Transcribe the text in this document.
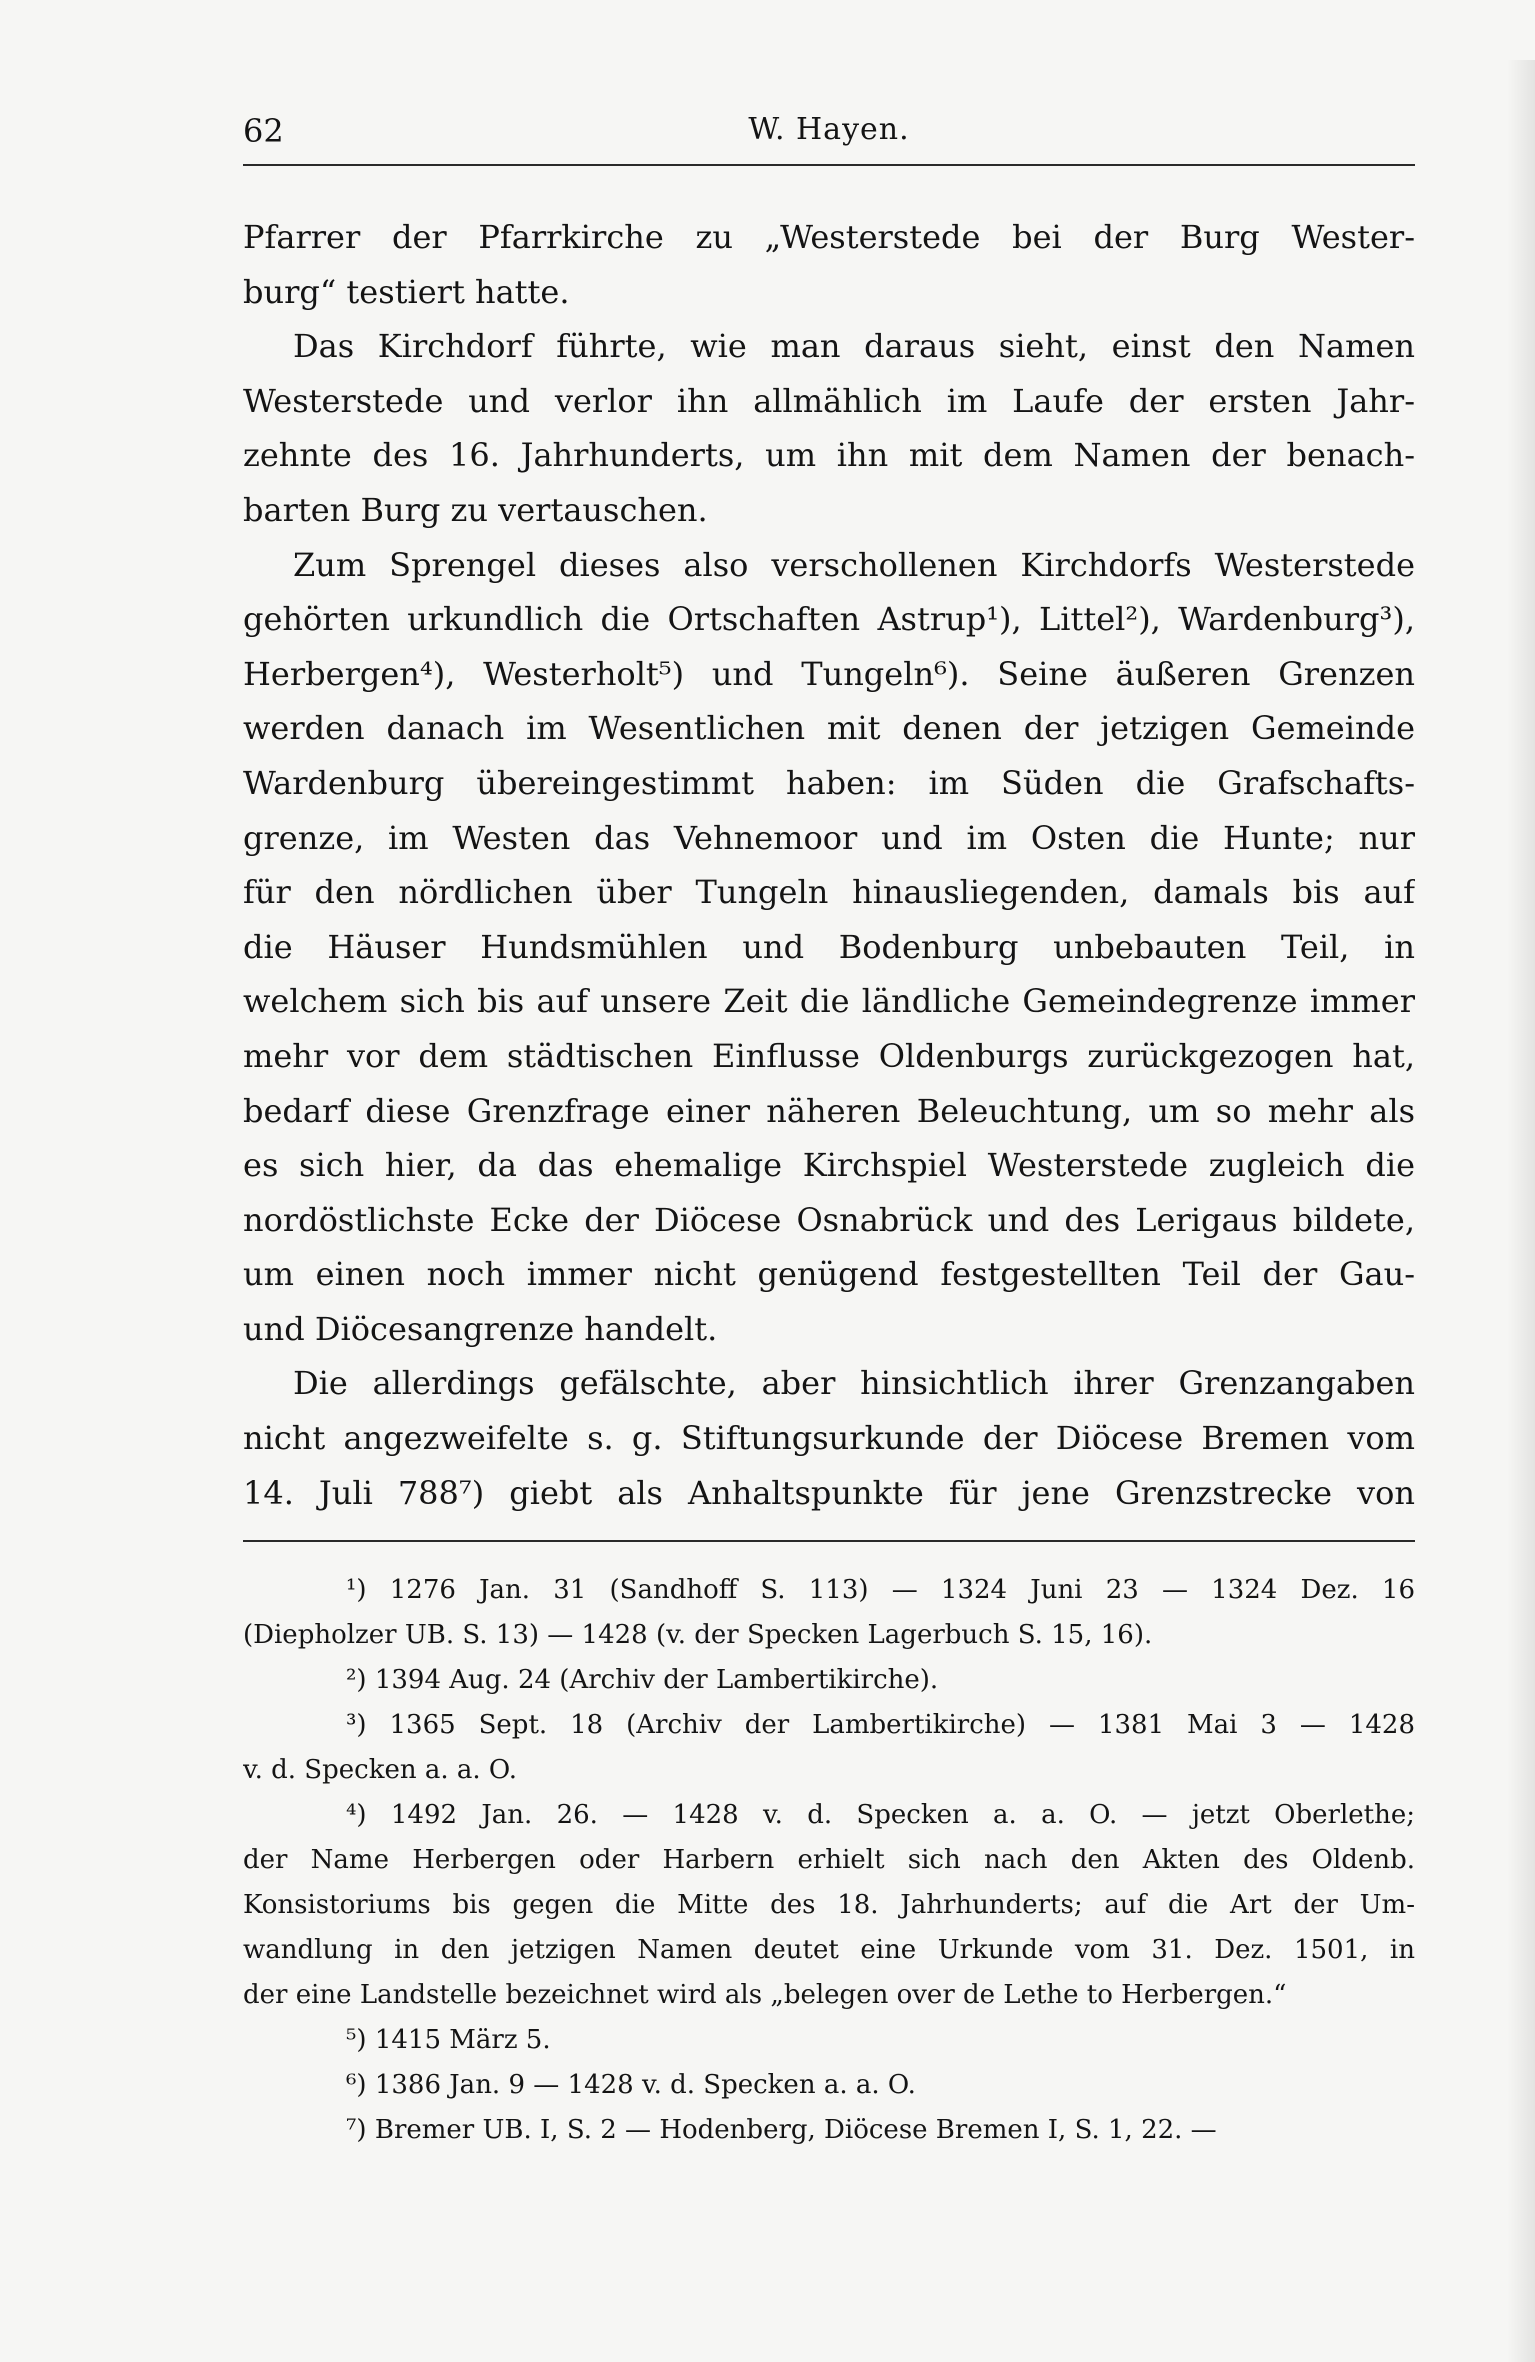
62	W. Hayen.
Pfarrer der Pfarrkirche zu „Westerstede bei der Burg Wester-
burg“ testiert hatte.
Das Kirchdorf führte, wie man daraus sieht, einst den Namen
Westerstede und verlor ihn allmählich im Laufe der ersten Jahr-
zehnte des 16. Jahrhunderts, um ihn mit dem Namen der benach-
barten Burg zu vertauschen.
Zum Sprengel dieses also verschollenen Kirchdorfs Westerstede
gehörten urkundlich die Ortschaften Astrup¹), Littel²), Wardenburg³),
Herbergen⁴), Westerholt⁵) und Tungeln⁶). Seine äußeren Grenzen
werden danach im Wesentlichen mit denen der jetzigen Gemeinde
Wardenburg übereingestimmt haben: im Süden die Grafschafts-
grenze, im Westen das Vehnemoor und im Osten die Hunte; nur
für den nördlichen über Tungeln hinausliegenden, damals bis auf
die Häuser Hundsmühlen und Bodenburg unbebauten Teil, in
welchem sich bis auf unsere Zeit die ländliche Gemeindegrenze immer
mehr vor dem städtischen Einflusse Oldenburgs zurückgezogen hat,
bedarf diese Grenzfrage einer näheren Beleuchtung, um so mehr als
es sich hier, da das ehemalige Kirchspiel Westerstede zugleich die
nordöstlichste Ecke der Diöcese Osnabrück und des Lerigaus bildete,
um einen noch immer nicht genügend festgestellten Teil der Gau-
und Diöcesangrenze handelt.
Die allerdings gefälschte, aber hinsichtlich ihrer Grenzangaben
nicht angezweifelte s. g. Stiftungsurkunde der Diöcese Bremen vom
14. Juli 788⁷) giebt als Anhaltspunkte für jene Grenzstrecke von
¹) 1276 Jan. 31 (Sandhoff S. 113) — 1324 Juni 23 — 1324 Dez. 16
(Diepholzer UB. S. 13) — 1428 (v. der Specken Lagerbuch S. 15, 16).
²) 1394 Aug. 24 (Archiv der Lambertikirche).
³) 1365 Sept. 18 (Archiv der Lambertikirche) — 1381 Mai 3 — 1428
v. d. Specken a. a. O.
⁴) 1492 Jan. 26. — 1428 v. d. Specken a. a. O. — jetzt Oberlethe;
der Name Herbergen oder Harbern erhielt sich nach den Akten des Oldenb.
Konsistoriums bis gegen die Mitte des 18. Jahrhunderts; auf die Art der Um-
wandlung in den jetzigen Namen deutet eine Urkunde vom 31. Dez. 1501, in
der eine Landstelle bezeichnet wird als „belegen over de Lethe to Herbergen.“
⁵) 1415 März 5.
⁶) 1386 Jan. 9 — 1428 v. d. Specken a. a. O.
⁷) Bremer UB. I, S. 2 — Hodenberg, Diöcese Bremen I, S. 1, 22. —
